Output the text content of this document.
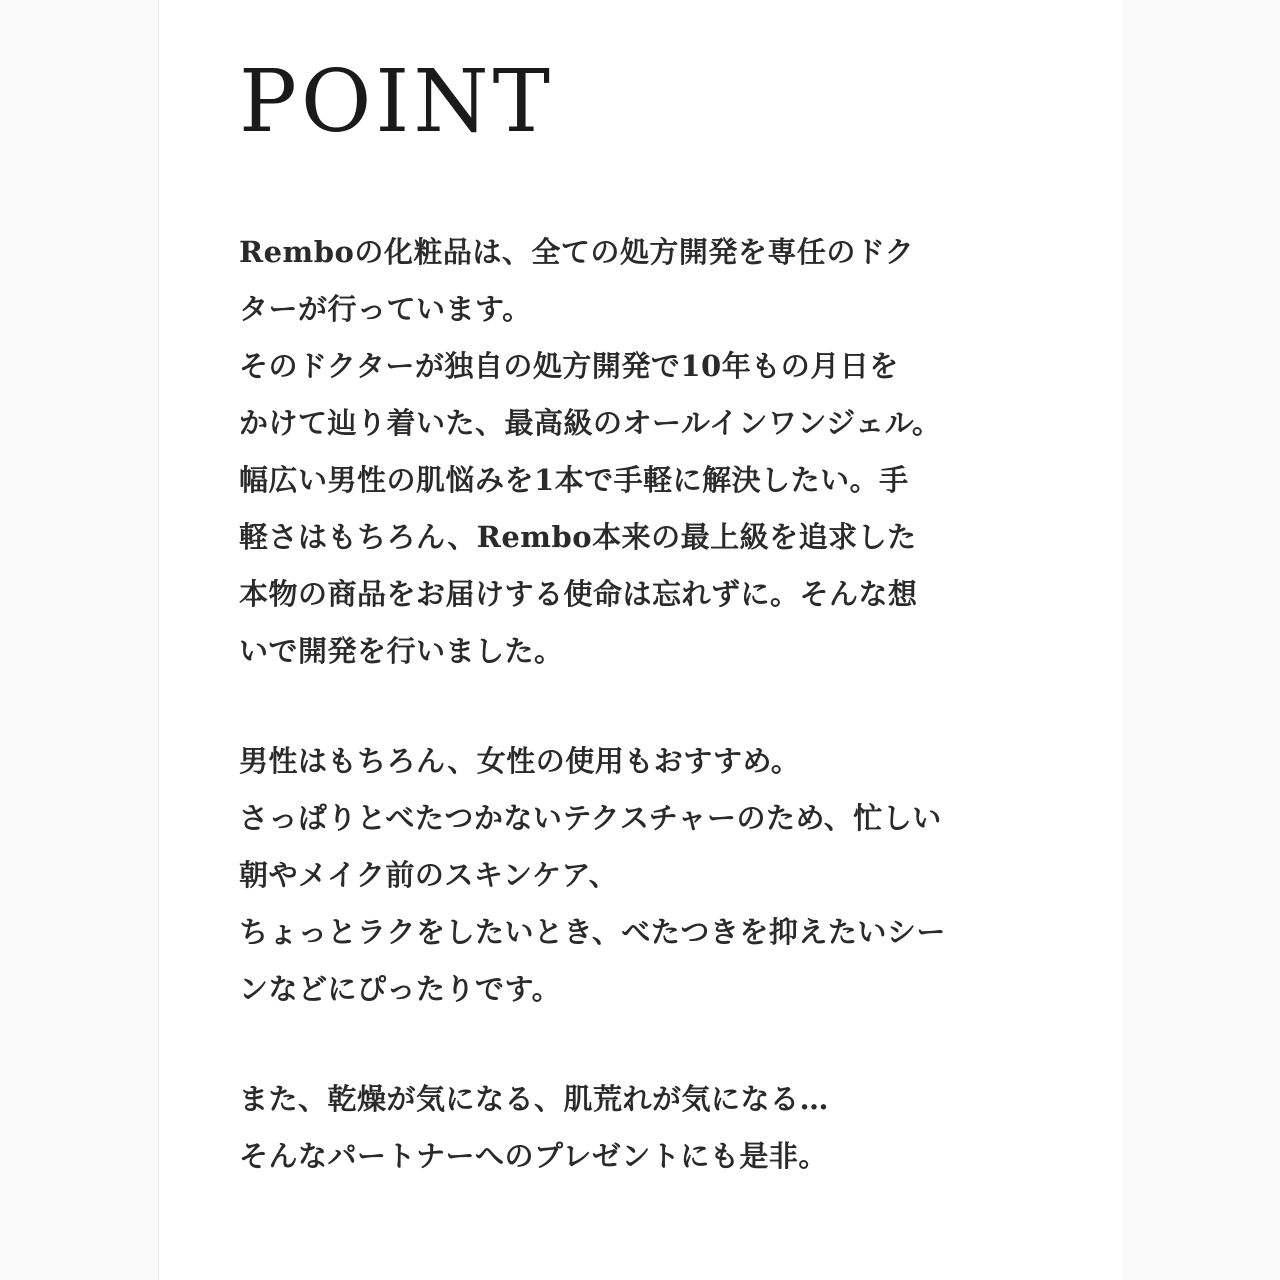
POINT

Remboの化粧品は、全ての処方開発を専任のドク
ターが行っています。
そのドクターが独自の処方開発で10年もの月日を
かけて辿り着いた、最高級のオールインワンジェル。
幅広い男性の肌悩みを1本で手軽に解決したい。手
軽さはもちろん、Rembo本来の最上級を追求した
本物の商品をお届けする使命は忘れずに。そんな想
いで開発を行いました。

男性はもちろん、女性の使用もおすすめ。
さっぱりとべたつかないテクスチャーのため、忙しい
朝やメイク前のスキンケア、
ちょっとラクをしたいとき、べたつきを抑えたいシー
ンなどにぴったりです。

また、乾燥が気になる、肌荒れが気になる…
そんなパートナーへのプレゼントにも是非。
